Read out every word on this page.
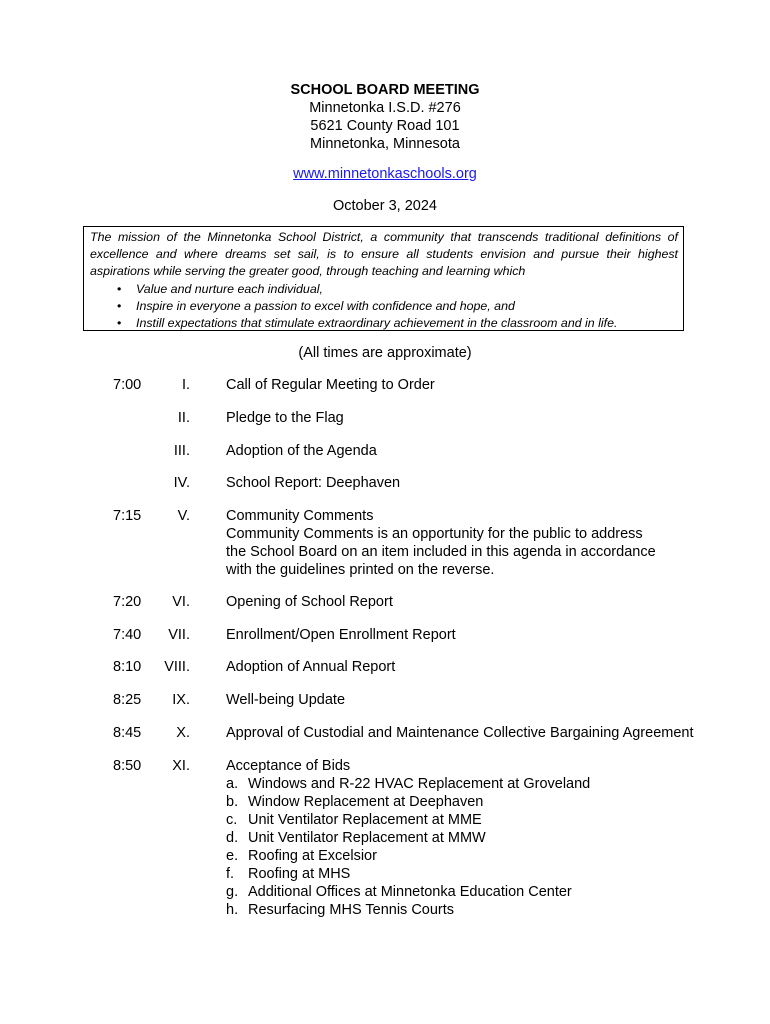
SCHOOL BOARD MEETING
Minnetonka I.S.D. #276
5621 County Road 101
Minnetonka, Minnesota
www.minnetonkaschools.org
October 3, 2024

The mission of the Minnetonka School District, a community that transcends traditional definitions of excellence and where dreams set sail, is to ensure all students envision and pursue their highest aspirations while serving the greater good, through teaching and learning which

• Value and nurture each individual,
• Inspire in everyone a passion to excel with confidence and hope, and
• Instill expectations that stimulate extraordinary achievement in the classroom and in life.
(All times are approximate)
7:00	I. Call of Regular Meeting to Order
II. Pledge to the Flag
III. Adoption of the Agenda
IV. School Report: Deephaven
7:15	V. Community Comments
Community Comments is an opportunity for the public to address
the School Board on an item included in this agenda in accordance
with the guidelines printed on the reverse.
7:20	VI. Opening of School Report
7:40	VII. Enrollment/Open Enrollment Report
8:10	VIII. Adoption of Annual Report
8:25	IX. Well-being Update
8:45	X. Approval of Custodial and Maintenance Collective Bargaining Agreement
8:50	XI. Acceptance of Bids
a. Windows and R-22 HVAC Replacement at Groveland
b. Window Replacement at Deephaven
c. Unit Ventilator Replacement at MME
d. Unit Ventilator Replacement at MMW
e. Roofing at Excelsior
f. Roofing at MHS
g. Additional Offices at Minnetonka Education Center
h. Resurfacing MHS Tennis Courts
